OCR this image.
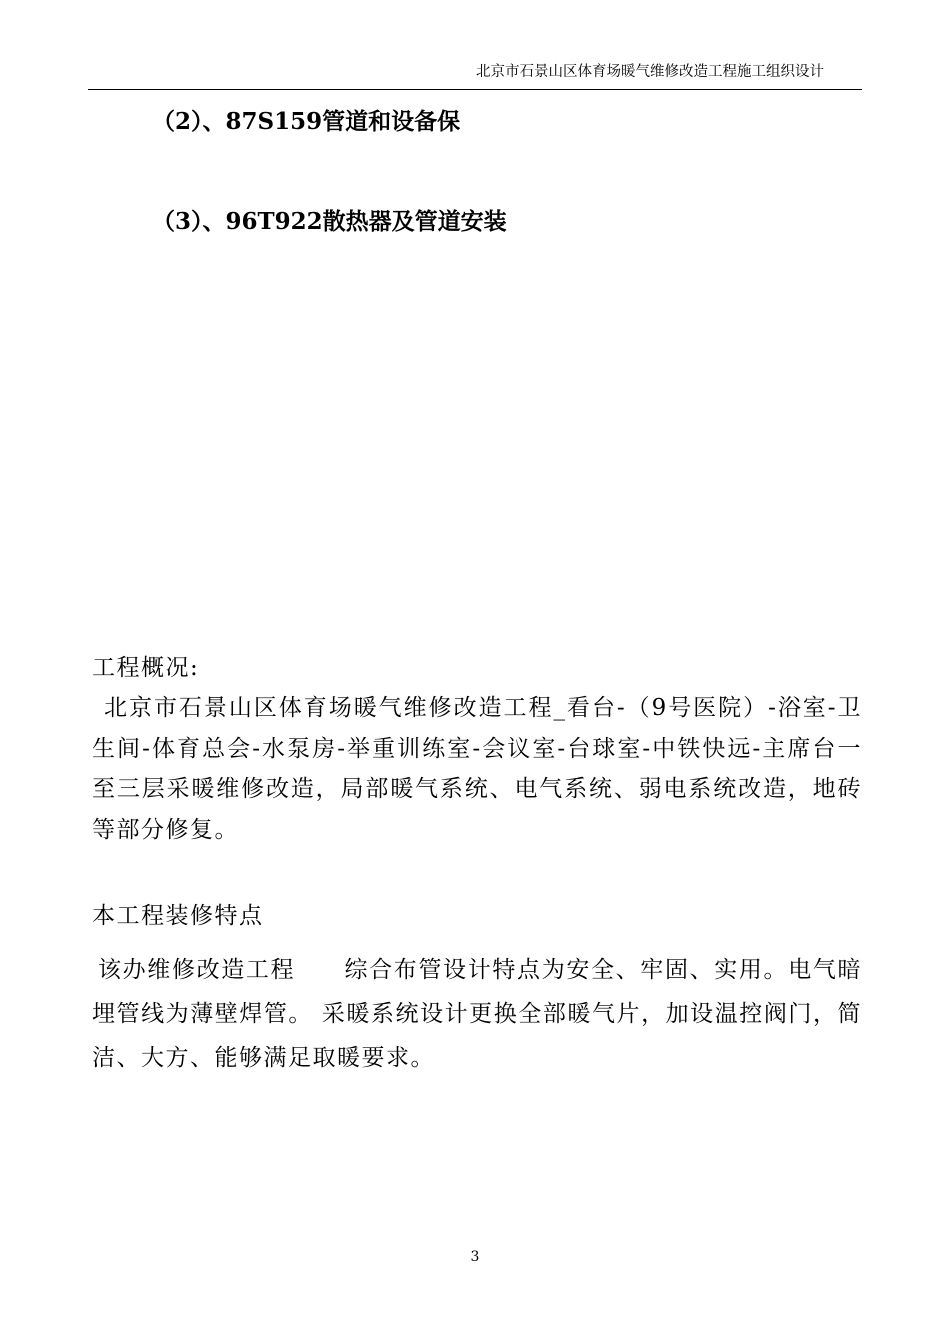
北京市石景山区体育场暖气维修改造工程施工组织设计
（2）、87S159管道和设备保
（3）、96T922散热器及管道安装
工程概况:
北京市石景山区体育场暖气维修改造工程_看台-（9号医院）-浴室-卫生间-体育总会-水泵房-举重训练室-会议室-台球室-中铁快远-主席台一至三层采暖维修改造，局部暖气系统、电气系统、弱电系统改造，地砖等部分修复。
本工程装修特点
该办维修改造工程　　综合布管设计特点为安全、牢固、实用。电气暗埋管线为薄壁焊管。 采暖系统设计更换全部暖气片，加设温控阀门，简洁、大方、能够满足取暖要求。
3
